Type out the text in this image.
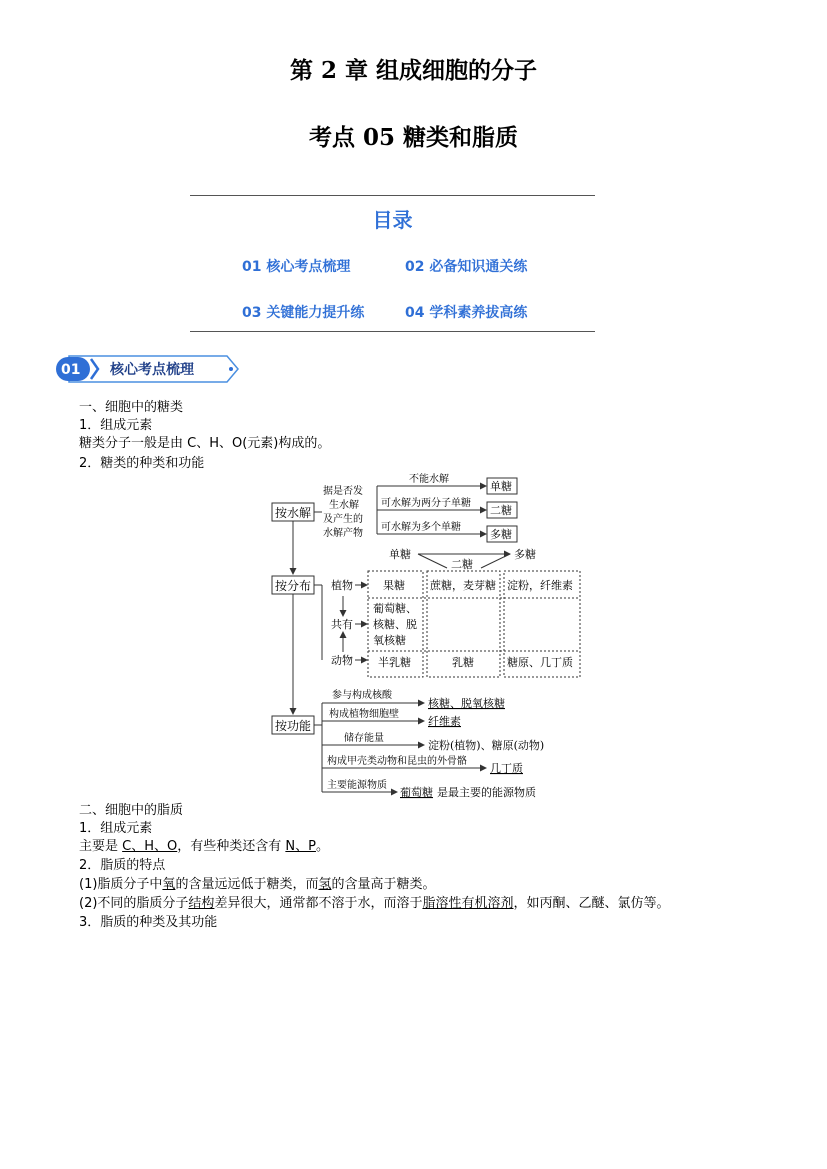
第 2 章 组成细胞的分子
考点 05 糖类和脂质
目录
01 核心考点梳理	02 必备知识通关练
03 关键能力提升练	04 学科素养拔高练
01 核心考点梳理
一、细胞中的糖类
1．组成元素
糖类分子一般是由 C、H、O(元素)构成的。
2．糖类的种类和功能
按水解
按分布
按功能
据是否发
生水解
及产生的
水解产物
不能水解
可水解为两分子单糖
可水解为多个单糖
单糖
二糖
多糖
单糖
二糖
多糖
植物
共有
动物
果糖 蔗糖，麦芽糖 淀粉，纤维素
葡萄糖、
核糖、脱
氧核糖
半乳糖	乳糖	糖原、几丁质
参与构成核酸
核糖、脱氧核糖
构成植物细胞壁
纤维素
储存能量
淀粉(植物)、糖原(动物)
构成甲壳类动物和昆虫的外骨骼
几丁质
主要能源物质
葡萄糖 是最主要的能源物质
二、细胞中的脂质
1．组成元素
主要是 C、H、O，有些种类还含有 N、P。
2．脂质的特点
(1)脂质分子中氧的含量远远低于糖类，而氢的含量高于糖类。
(2)不同的脂质分子结构差异很大，通常都不溶于水，而溶于脂溶性有机溶剂，如丙酮、乙醚、氯仿等。
3．脂质的种类及其功能
